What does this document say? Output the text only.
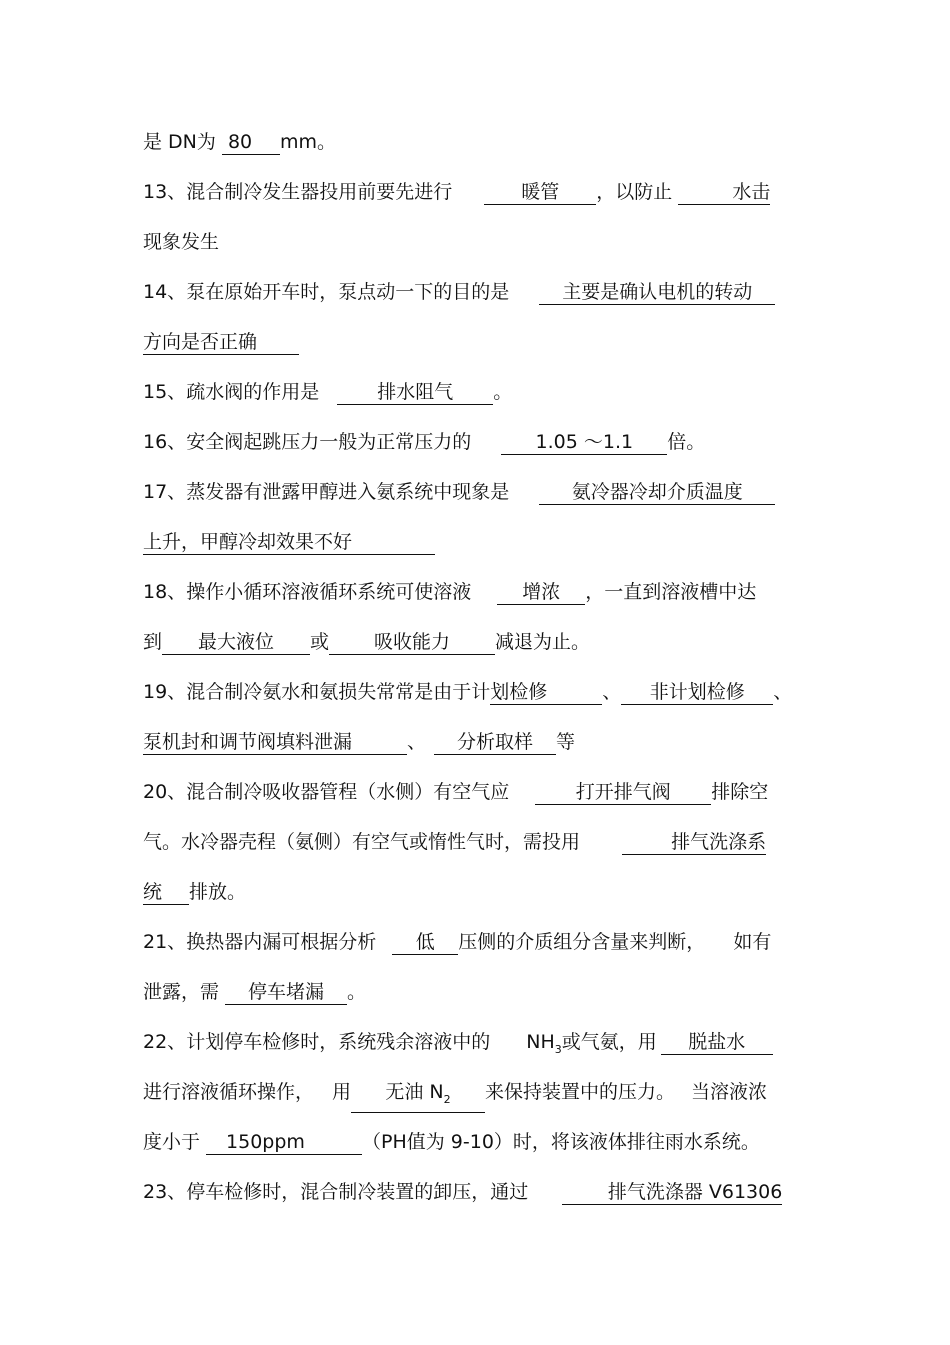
是 DN为 80 mm。
13、混合制冷发生器投用前要先进行	暖管 ，以防止	水击
现象发生
14、泵在原始开车时，泵点动一下的目的是	主要是确认电机的转动
方向是否正确
15、疏水阀的作用是	排水阻气 。
16、安全阀起跳压力一般为正常压力的	1.05 ～1.1 倍。
17、蒸发器有泄露甲醇进入氨系统中现象是	氨冷器冷却介质温度
上升，甲醇冷却效果不好
18、操作小循环溶液循环系统可使溶液	增浓 ，一直到溶液槽中达
到 最大液位 或 吸收能力 减退为止。
19、混合制冷氨水和氨损失常常是由于计划检修	、 非计划检修 、
泵机封和调节阀填料泄漏	、 分析取样 等
20、混合制冷吸收器管程（水侧）有空气应	打开排气阀 排除空
气。水冷器壳程（氨侧）有空气或惰性气时，需投用	排气洗涤系
统 排放。
21、换热器内漏可根据分析 低 压侧的介质组分含量来判断， 如有
泄露，需 停车堵漏 。
22、计划停车检修时，系统残余溶液中的 $NH_3$或气氨，用 脱盐水
进行溶液循环操作， 用 无油 $N_2$ 来保持装置中的压力。 当溶液浓
度小于 150ppm	（PH值为 9-10）时，将该液体排往雨水系统。
23、停车检修时，混合制冷装置的卸压，通过	排气洗涤器 V61306
